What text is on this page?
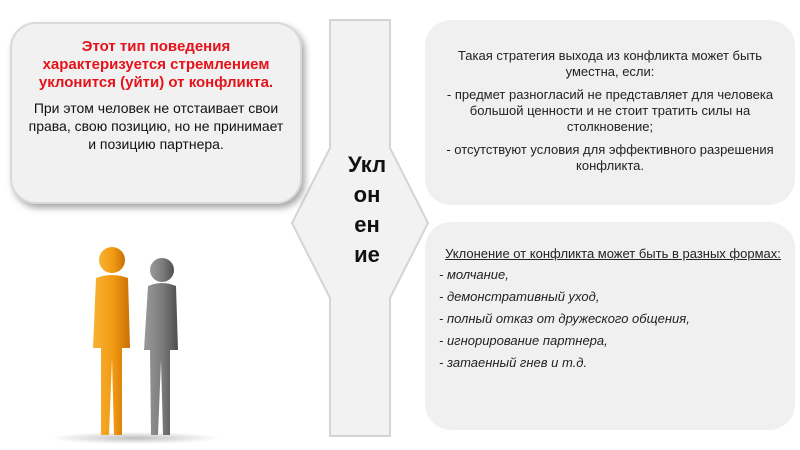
Укл
он
ен
ие

Этот тип поведения характеризуется стремлением уклонится (уйти) от конфликта.

При этом человек не отстаивает свои права, свою позицию, но не принимает и позицию партнера.

Такая стратегия выхода из конфликта может быть уместна, если:

- предмет разногласий не представляет для человека большой ценности и не стоит тратить силы на столкновение;

- отсутствуют условия для эффективного разрешения конфликта.

Уклонение от конфликта может быть в разных формах:

- молчание,
- демонстративный уход,
- полный отказ от дружеского общения,
- игнорирование партнера,
- затаенный гнев и т.д.
